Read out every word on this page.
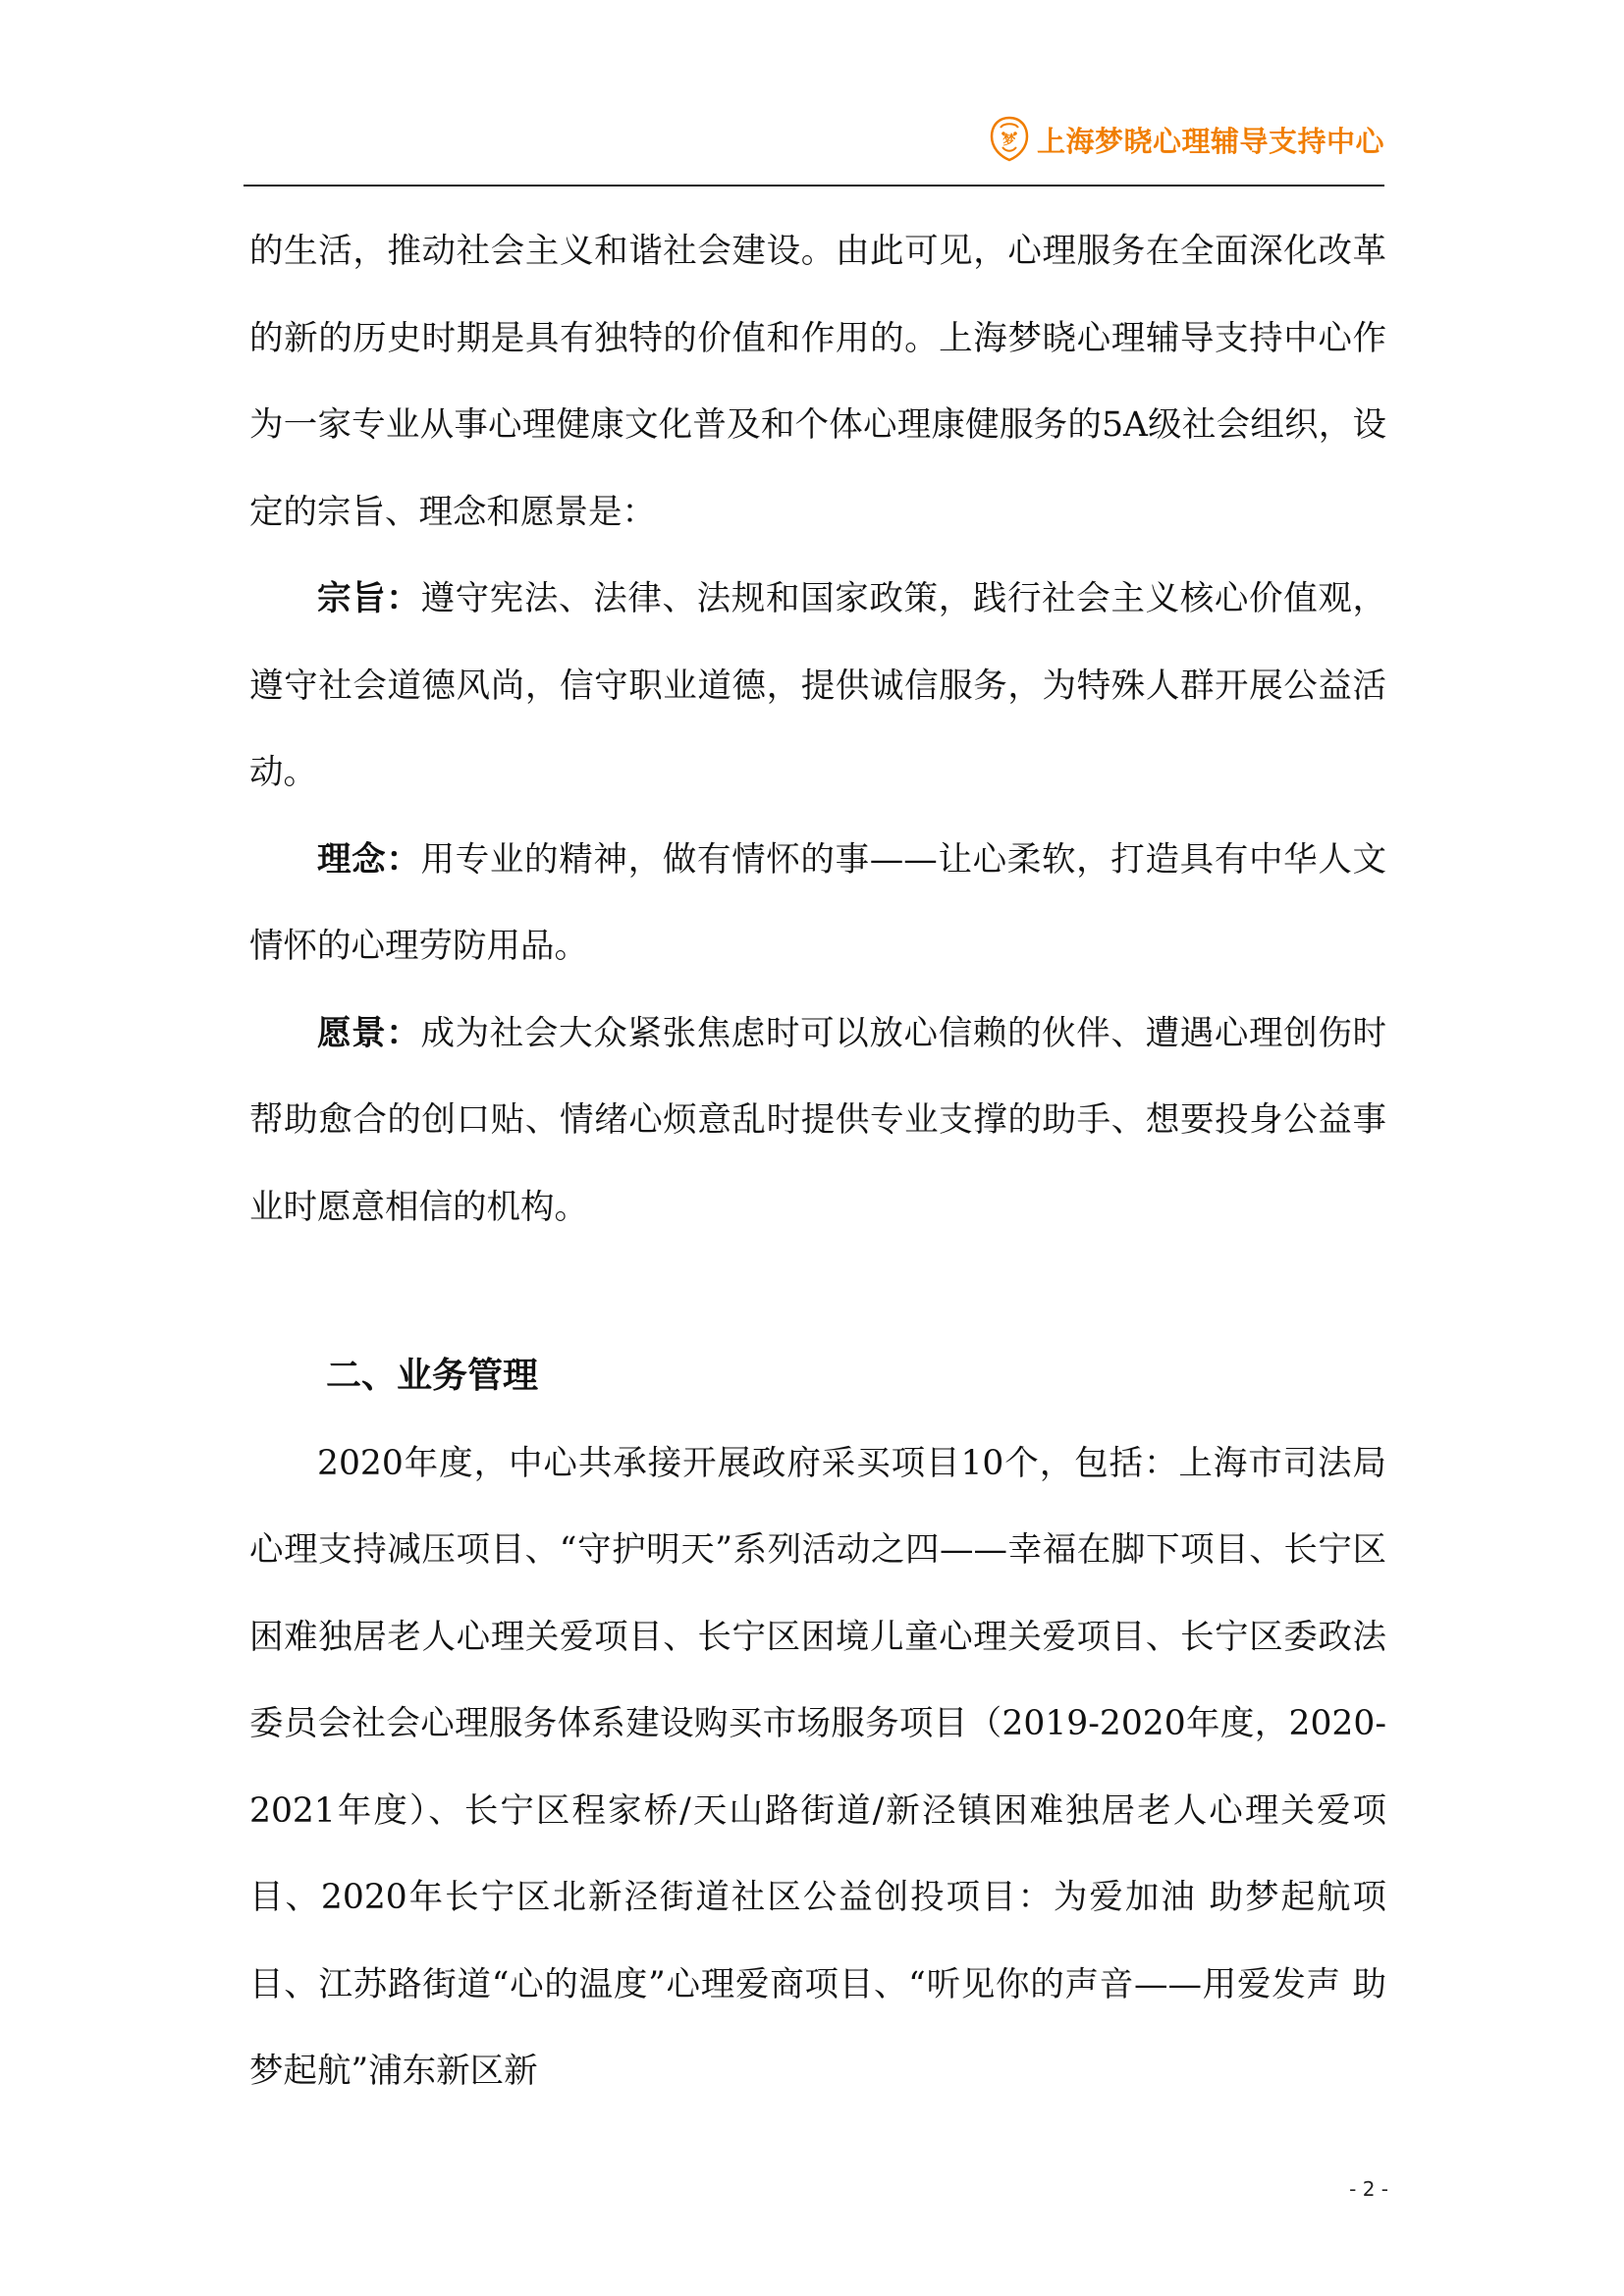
梦 上海梦晓心理辅导支持中心

的生活，推动社会主义和谐社会建设。由此可见，心理服务在全面深化改革的新的历史时期是具有独特的价值和作用的。上海梦晓心理辅导支持中心作为一家专业从事心理健康文化普及和个体心理康健服务的5A级社会组织，设定的宗旨、理念和愿景是：

宗旨：遵守宪法、法律、法规和国家政策，践行社会主义核心价值观，遵守社会道德风尚，信守职业道德，提供诚信服务，为特殊人群开展公益活动。

理念：用专业的精神，做有情怀的事——让心柔软，打造具有中华人文情怀的心理劳防用品。

愿景：成为社会大众紧张焦虑时可以放心信赖的伙伴、遭遇心理创伤时帮助愈合的创口贴、情绪心烦意乱时提供专业支撑的助手、想要投身公益事业时愿意相信的机构。

二、业务管理

2020年度，中心共承接开展政府采买项目10个，包括：上海市司法局心理支持减压项目、“守护明天”系列活动之四——幸福在脚下项目、长宁区困难独居老人心理关爱项目、长宁区困境儿童心理关爱项目、长宁区委政法委员会社会心理服务体系建设购买市场服务项目（2019-2020年度，2020-2021年度）、长宁区程家桥/天山路街道/新泾镇困难独居老人心理关爱项目、2020年长宁区北新泾街道社区公益创投项目：为爱加油 助梦起航项目、江苏路街道“心的温度”心理爱商项目、“听见你的声音——用爱发声 助梦起航”浦东新区新

- 2 -
